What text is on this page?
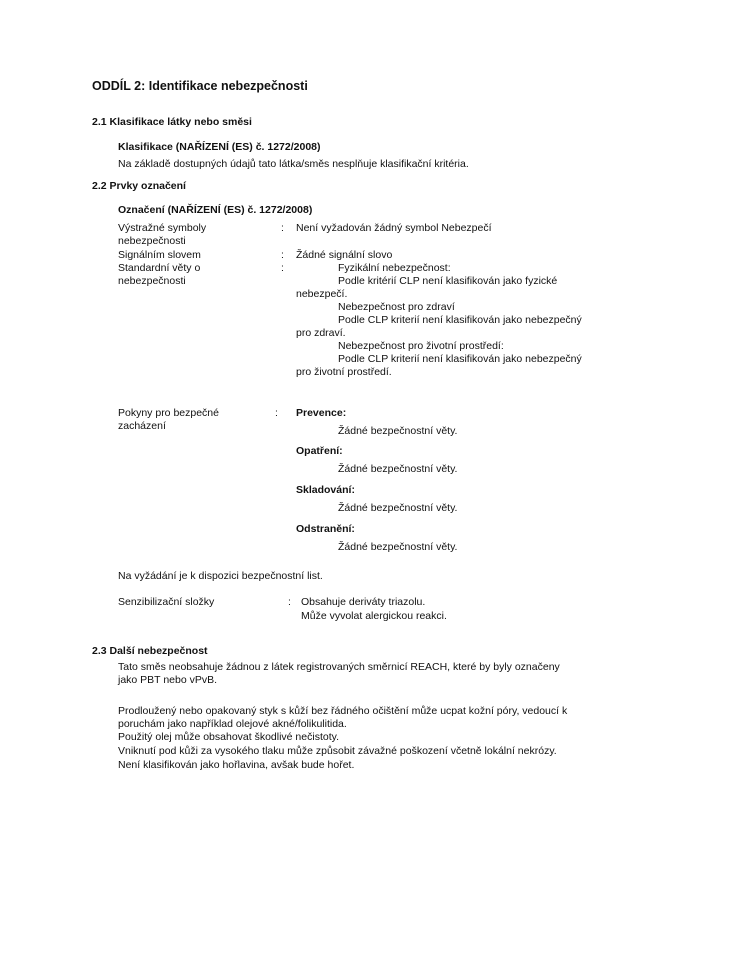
ODDÍL 2: Identifikace nebezpečnosti
2.1 Klasifikace látky nebo směsi
Klasifikace (NAŘÍZENÍ (ES) č. 1272/2008)
Na základě dostupných údajů tato látka/směs nesplňuje klasifikační kritéria.
2.2 Prvky označení
Označení (NAŘÍZENÍ (ES) č. 1272/2008)
Výstražné symboly
nebezpečnosti
: Není vyžadován žádný symbol Nebezpečí
Signálním slovem	: Žádné signální slovo
Standardní věty o
nebezpečnosti
:	Fyzikální nebezpečnost:
Podle kritérií CLP není klasifikován jako fyzické
nebezpečí.
Nebezpečnost pro zdraví
Podle CLP kriterií není klasifikován jako nebezpečný
pro zdraví.
Nebezpečnost pro životní prostředí:
Podle CLP kriterií není klasifikován jako nebezpečný
pro životní prostředí.
Pokyny pro bezpečné
zacházení
: Prevence:
Žádné bezpečnostní věty.
Opatření:
Žádné bezpečnostní věty.
Skladování:
Žádné bezpečnostní věty.
Odstranění:
Žádné bezpečnostní věty.
Na vyžádání je k dispozici bezpečnostní list.
Senzibilizační složky	: Obsahuje deriváty triazolu.
Může vyvolat alergickou reakci.
2.3 Další nebezpečnost
Tato směs neobsahuje žádnou z látek registrovaných směrnicí REACH, které by byly označeny
jako PBT nebo vPvB.
Prodloužený nebo opakovaný styk s kůží bez řádného očištění může ucpat kožní póry, vedoucí k
poruchám jako například olejové akné/folikulitida.
Použitý olej může obsahovat škodlivé nečistoty.
Vniknutí pod kůži za vysokého tlaku může způsobit závažné poškození včetně lokální nekrózy.
Není klasifikován jako hořlavina, avšak bude hořet.
